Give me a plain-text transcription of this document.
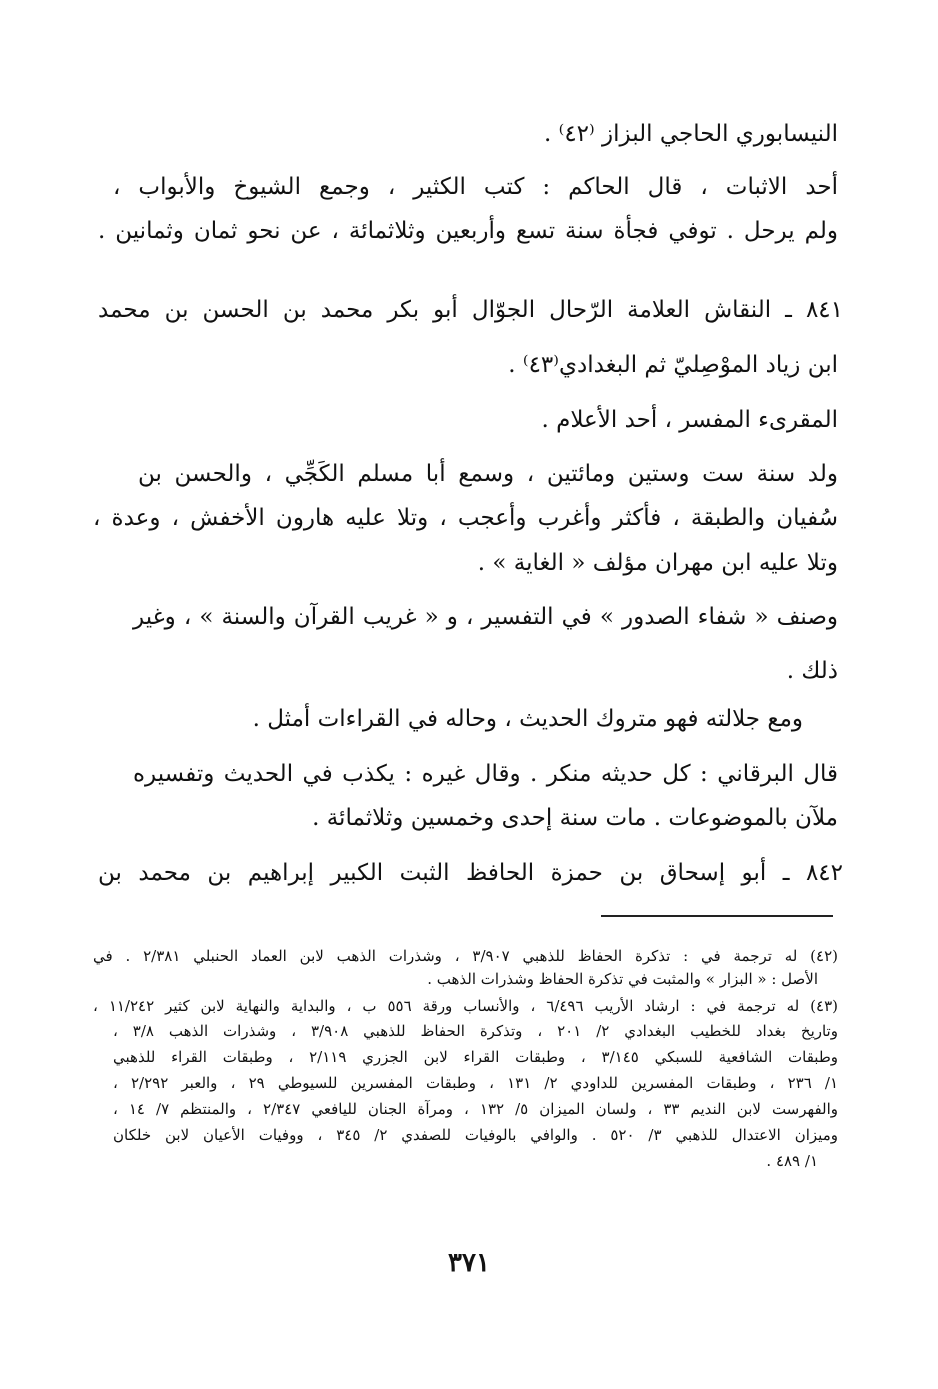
النيسابوري الحاجي البزاز ⁽٤٢⁾ .
أحد الاثبات ، قال الحاكم : كتب الكثير ، وجمع الشيوخ والأبواب ،
ولم يرحل . توفي فجأة سنة تسع وأربعين وثلاثمائة ، عن نحو ثمان وثمانين .
٨٤١ ـ النقاش العلامة الرّحال الجوّال أبو بكر محمد بن الحسن بن محمد
ابن زياد الموْصِليّ ثم البغدادي⁽٤٣⁾ .
المقرىء المفسر ، أحد الأعلام .
ولد سنة ست وستين ومائتين ، وسمع أبا مسلم الكَجِّي ، والحسن بن
سُفيان والطبقة ، فأكثر وأغرب وأعجب ، وتلا عليه هارون الأخفش ، وعدة ،
وتلا عليه ابن مهران مؤلف « الغاية » .
وصنف « شفاء الصدور » في التفسير ، و « غريب القرآن والسنة » ، وغير
ذلك .
ومع جلالته فهو متروك الحديث ، وحاله في القراءات أمثل .
قال البرقاني : كل حديثه منكر . وقال غيره : يكذب في الحديث وتفسيره
ملآن بالموضوعات . مات سنة إحدى وخمسين وثلاثمائة .
٨٤٢ ـ أبو إسحاق بن حمزة الحافظ الثبت الكبير إبراهيم بن محمد بن
(٤٢) له ترجمة في : تذكرة الحفاظ للذهبي ٣/٩٠٧ ، وشذرات الذهب لابن العماد الحنبلي ٢/٣٨١ . في
الأصل : « البزار » والمثبت في تذكرة الحفاظ وشذرات الذهب .
(٤٣) له ترجمة في : ارشاد الأريب ٦/٤٩٦ ، والأنساب ورقة ٥٥٦ ب ، والبداية والنهاية لابن كثير ١١/٢٤٢ ،
وتاريخ بغداد للخطيب البغدادي ٢/ ٢٠١ ، وتذكرة الحفاظ للذهبي ٣/٩٠٨ ، وشذرات الذهب ٣/٨ ،
وطبقات الشافعية للسبكي ٣/١٤٥ ، وطبقات القراء لابن الجزري ٢/١١٩ ، وطبقات القراء للذهبي
١/ ٢٣٦ ، وطبقات المفسرين للداودي ٢/ ١٣١ ، وطبقات المفسرين للسيوطي ٢٩ ، والعبر ٢/٢٩٢ ،
والفهرست لابن النديم ٣٣ ، ولسان الميزان ٥/ ١٣٢ ، ومرآة الجنان لليافعي ٢/٣٤٧ ، والمنتظم ٧/ ١٤ ،
وميزان الاعتدال للذهبي ٣/ ٥٢٠ . والوافي بالوفيات للصفدي ٢/ ٣٤٥ ، ووفيات الأعيان لابن خلكان
١/ ٤٨٩ .
٣٧١
